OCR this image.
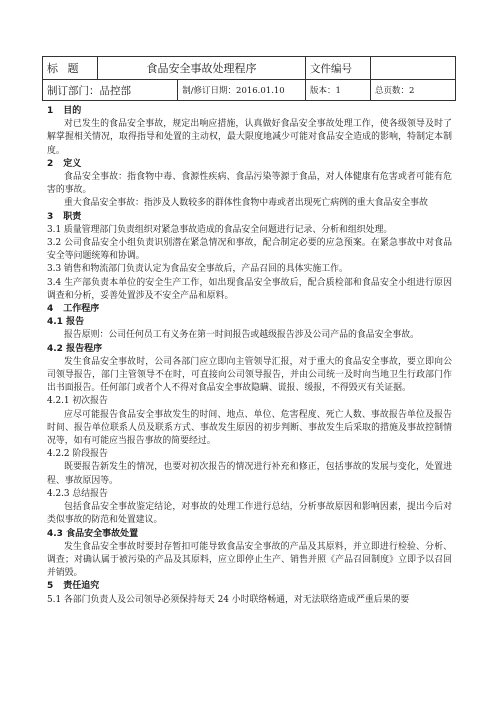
标 题	食品安全事故处理程序		文件编号	
制订部门：品控部		制/修订日期：2016.01.10	版本：1	总页数：2

1 目的

对已发生的食品安全事故，规定出响应措施，认真做好食品安全事故处理工作，使各级领导及时了解掌握相关情况，取得指导和处置的主动权，最大限度地减少可能对食品安全造成的影响，特制定本制度。

2 定义

食品安全事故：指食物中毒、食源性疾病、食品污染等源于食品，对人体健康有危害或者可能有危害的事故。

重大食品安全事故：指涉及人数较多的群体性食物中毒或者出现死亡病例的重大食品安全事故

3 职责

3.1 质量管理部门负责组织对紧急事故造成的食品安全问题进行记录、分析和组织处理。

3.2 公司食品安全小组负责识别潜在紧急情况和事故，配合制定必要的应急预案。在紧急事故中对食品安全等问题统筹和协调。

3.3 销售和物流部门负责认定为食品安全事故后，产品召回的具体实施工作。

3.4 生产部负责本单位的安全生产工作，如出现食品安全事故后，配合质检部和食品安全小组进行原因调查和分析，妥善处置涉及不安全产品和原料。

4 工作程序

4.1 报告

报告原则：公司任何员工有义务在第一时间报告或越级报告涉及公司产品的食品安全事故。

4.2 报告程序

发生食品安全事故时，公司各部门应立即向主管领导汇报，对于重大的食品安全事故，要立即向公司领导报告，部门主管领导不在时，可直接向公司领导报告，并由公司统一及时向当地卫生行政部门作出书面报告。任何部门或者个人不得对食品安全事故隐瞒、谎报、缓报，不得毁灭有关证据。

4.2.1 初次报告

应尽可能报告食品安全事故发生的时间、地点、单位、危害程度、死亡人数、事故报告单位及报告时间、报告单位联系人员及联系方式、事故发生原因的初步判断、事故发生后采取的措施及事故控制情况等，如有可能应当报告事故的简要经过。

4.2.2 阶段报告

既要报告新发生的情况，也要对初次报告的情况进行补充和修正，包括事故的发展与变化，处置进程、事故原因等。

4.2.3 总结报告

包括食品安全事故鉴定结论，对事故的处理工作进行总结，分析事故原因和影响因素，提出今后对类似事故的防范和处置建议。

4.3 食品安全事故处置

发生食品安全事故时要封存暂扣可能导致食品安全事故的产品及其原料，并立即进行检验、分析、调查；对确认属于被污染的产品及其原料，应立即停止生产、销售并照《产品召回制度》立即予以召回并销毁。

5 责任追究

5.1 各部门负责人及公司领导必须保持每天 24 小时联络畅通，对无法联络造成严重后果的要
